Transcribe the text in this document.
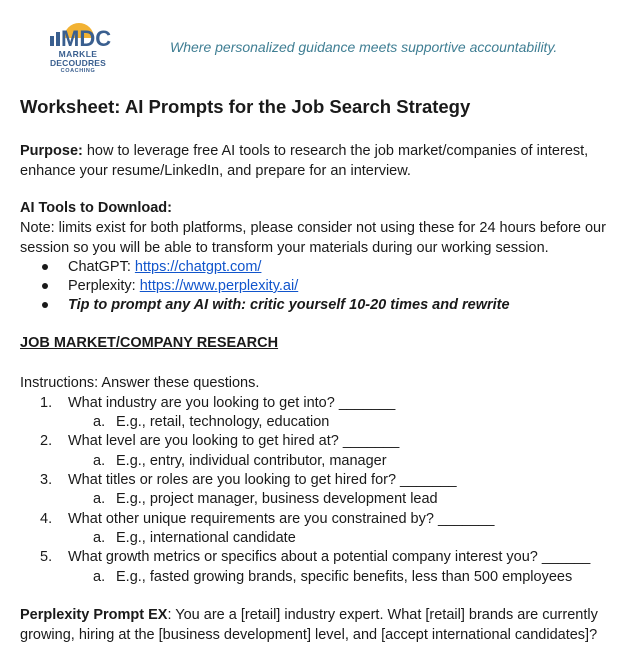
MDC
MARKLE
DECOUDRES
COACHING
Where personalized guidance meets supportive accountability.
Worksheet: AI Prompts for the Job Search Strategy
Purpose: how to leverage free AI tools to research the job market/companies of interest,
enhance your resume/LinkedIn, and prepare for an interview.
AI Tools to Download:
Note: limits exist for both platforms, please consider not using these for 24 hours before our
session so you will be able to transform your materials during our working session.
ChatGPT: https://chatgpt.com/
Perplexity: https://www.perplexity.ai/
Tip to prompt any AI with: critic yourself 10-20 times and rewrite
JOB MARKET/COMPANY RESEARCH
Instructions: Answer these questions.
1. What industry are you looking to get into? _______
a. E.g., retail, technology, education
2. What level are you looking to get hired at? _______
a. E.g., entry, individual contributor, manager
3. What titles or roles are you looking to get hired for? _______
a. E.g., project manager, business development lead
4. What other unique requirements are you constrained by? _______
a. E.g., international candidate
5. What growth metrics or specifics about a potential company interest you? ______
a. E.g., fasted growing brands, specific benefits, less than 500 employees
Perplexity Prompt EX: You are a [retail] industry expert. What [retail] brands are currently
growing, hiring at the [business development] level, and [accept international candidates]?
